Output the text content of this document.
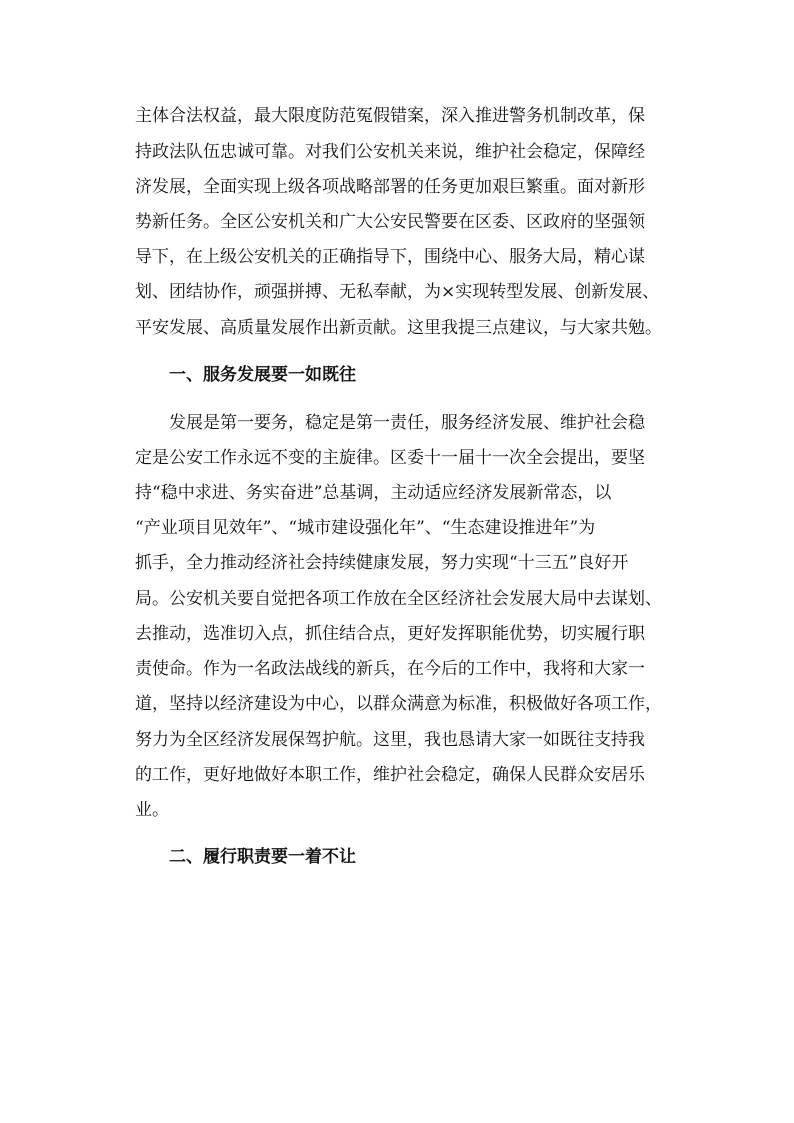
主体合法权益，最大限度防范冤假错案，深入推进警务机制改革，保
持政法队伍忠诚可靠。对我们公安机关来说，维护社会稳定，保障经
济发展，全面实现上级各项战略部署的任务更加艰巨繁重。面对新形
势新任务。全区公安机关和广大公安民警要在区委、区政府的坚强领
导下，在上级公安机关的正确指导下，围绕中心、服务大局，精心谋
划、团结协作，顽强拼搏、无私奉献，为×实现转型发展、创新发展、
平安发展、高质量发展作出新贡献。这里我提三点建议，与大家共勉。
一、服务发展要一如既往
发展是第一要务，稳定是第一责任，服务经济发展、维护社会稳
定是公安工作永远不变的主旋律。区委十一届十一次全会提出，要坚
持“稳中求进、务实奋进”总基调，主动适应经济发展新常态，以
“产业项目见效年”、“城市建设强化年”、“生态建设推进年”为
抓手，全力推动经济社会持续健康发展，努力实现“十三五”良好开
局。公安机关要自觉把各项工作放在全区经济社会发展大局中去谋划、
去推动，选准切入点，抓住结合点，更好发挥职能优势，切实履行职
责使命。作为一名政法战线的新兵，在今后的工作中，我将和大家一
道，坚持以经济建设为中心，以群众满意为标准，积极做好各项工作，
努力为全区经济发展保驾护航。这里，我也恳请大家一如既往支持我
的工作，更好地做好本职工作，维护社会稳定，确保人民群众安居乐
业。
二、履行职责要一着不让
